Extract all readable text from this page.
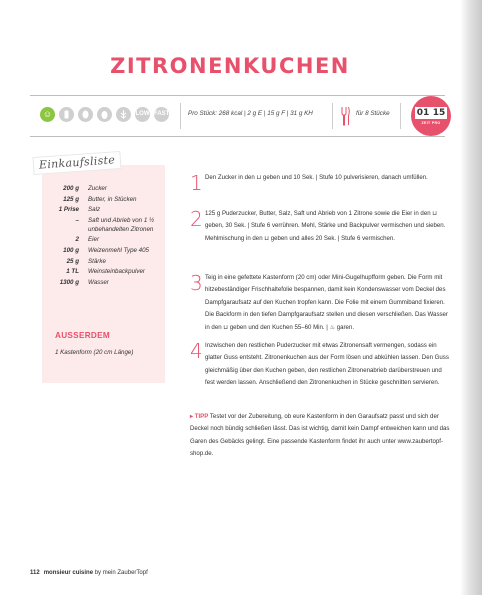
ZITRONENKUCHEN
☺	LOW CARB
FAST	Pro Stück: 268 kcal | 2 g E | 15 g F | 31 g KH	für 8 Stücke	01 15
ZEIT PRO
Einkaufsliste
200 g	Zucker
125 g	Butter, in Stücken
1 Prise	Salz
–	Saft und Abrieb von 1 ½ unbehandelten Zitronen
2	Eier
100 g	Weizenmehl Type 405
25 g	Stärke
1 TL	Weinsteinbackpulver
1300 g	Wasser
AUSSERDEM
1 Kastenform (20 cm Länge)
1 Den Zucker in den ⊔ geben und 10 Sek. | Stufe 10 pulverisieren, danach umfüllen.
2 125 g Puderzucker, Butter, Salz, Saft und Abrieb von 1 Zitrone sowie die Eier in den ⊔ geben, 30 Sek. | Stufe 6 verrühren. Mehl, Stärke und Backpulver vermischen und sieben. Mehlmischung in den ⊔ geben und alles 20 Sek. | Stufe 6 vermischen.
3 Teig in eine gefettete Kastenform (20 cm) oder Mini-Gugelhupfform geben. Die Form mit hitzebeständiger Frischhaltefolie bespannen, damit kein Kondenswasser vom Deckel des Dampfgaraufsatz auf den Kuchen tropfen kann. Die Folie mit einem Gummiband fixieren. Die Backform in den tiefen Dampfgaraufsatz stellen und diesen verschließen. Das Wasser in den ⊔ geben und den Kuchen 55–60 Min. | ♨ garen.
4 Inzwischen den restlichen Puderzucker mit etwas Zitronensaft vermengen, sodass ein glatter Guss entsteht. Zitronenkuchen aus der Form lösen und abkühlen lassen. Den Guss gleichmäßig über den Kuchen geben, den restlichen Zitronenabrieb darüberstreuen und fest werden lassen. Anschließend den Zitronenkuchen in Stücke geschnitten servieren.
▸ TIPP Testet vor der Zubereitung, ob eure Kastenform in den Garaufsatz passt und sich der Deckel noch bündig schließen lässt. Das ist wichtig, damit kein Dampf entweichen kann und das Garen des Gebäcks gelingt. Eine passende Kastenform findet ihr auch unter www.zaubertopf-shop.de.
112 monsieur cuisine by mein ZauberTopf
